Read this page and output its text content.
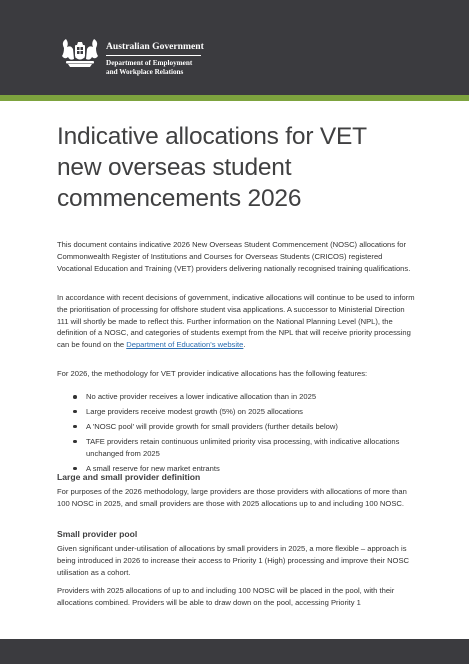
Australian Government
Department of Employment
and Workplace Relations
Indicative allocations for VET
new overseas student
commencements 2026

This document contains indicative 2026 New Overseas Student Commencement (NOSC) allocations for Commonwealth Register of Institutions and Courses for Overseas Students (CRICOS) registered Vocational Education and Training (VET) providers delivering nationally recognised training qualifications.

In accordance with recent decisions of government, indicative allocations will continue to be used to inform the prioritisation of processing for offshore student visa applications. A successor to Ministerial Direction 111 will shortly be made to reflect this. Further information on the National Planning Level (NPL), the definition of a NOSC, and categories of students exempt from the NPL that will receive priority processing can be found on the Department of Education's website.

For 2026, the methodology for VET provider indicative allocations has the following features:

No active provider receives a lower indicative allocation than in 2025
Large providers receive modest growth (5%) on 2025 allocations
A 'NOSC pool' will provide growth for small providers (further details below)
TAFE providers retain continuous unlimited priority visa processing, with indicative allocations unchanged from 2025
A small reserve for new market entrants
Large and small provider definition

For purposes of the 2026 methodology, large providers are those providers with allocations of more than 100 NOSC in 2025, and small providers are those with 2025 allocations up to and including 100 NOSC.

Small provider pool

Given significant under-utilisation of allocations by small providers in 2025, a more flexible – approach is being introduced in 2026 to increase their access to Priority 1 (High) processing and improve their NOSC utilisation as a cohort.

Providers with 2025 allocations of up to and including 100 NOSC will be placed in the pool, with their allocations combined. Providers will be able to draw down on the pool, accessing Priority 1
